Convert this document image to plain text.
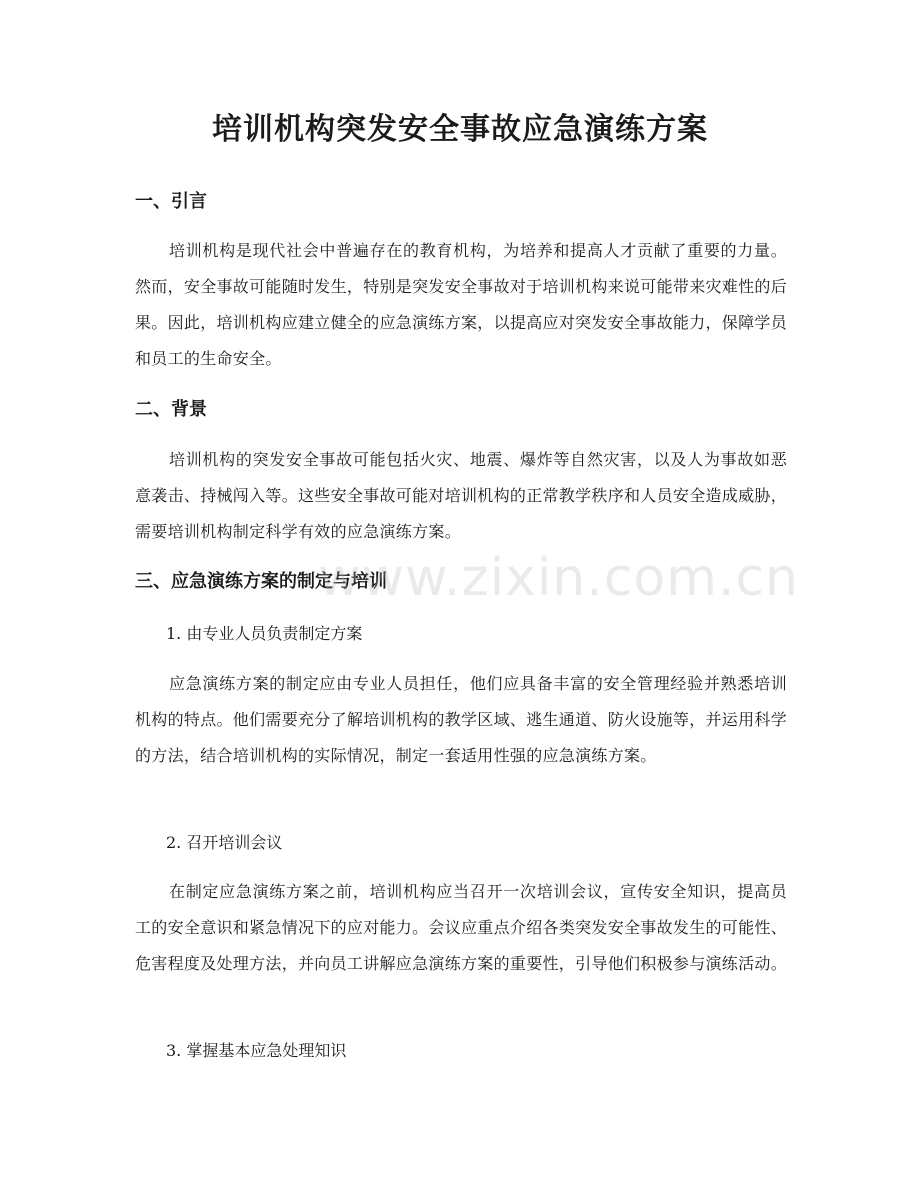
培训机构突发安全事故应急演练方案
一、引言

培训机构是现代社会中普遍存在的教育机构，为培养和提高人才贡献了重要的力量。然而，安全事故可能随时发生，特别是突发安全事故对于培训机构来说可能带来灾难性的后果。因此，培训机构应建立健全的应急演练方案，以提高应对突发安全事故能力，保障学员和员工的生命安全。

二、背景

培训机构的突发安全事故可能包括火灾、地震、爆炸等自然灾害，以及人为事故如恶意袭击、持械闯入等。这些安全事故可能对培训机构的正常教学秩序和人员安全造成威胁，需要培训机构制定科学有效的应急演练方案。

三、应急演练方案的制定与培训

1. 由专业人员负责制定方案

应急演练方案的制定应由专业人员担任，他们应具备丰富的安全管理经验并熟悉培训机构的特点。他们需要充分了解培训机构的教学区域、逃生通道、防火设施等，并运用科学的方法，结合培训机构的实际情况，制定一套适用性强的应急演练方案。

2. 召开培训会议

在制定应急演练方案之前，培训机构应当召开一次培训会议，宣传安全知识，提高员工的安全意识和紧急情况下的应对能力。会议应重点介绍各类突发安全事故发生的可能性、危害程度及处理方法，并向员工讲解应急演练方案的重要性，引导他们积极参与演练活动。

3. 掌握基本应急处理知识

www.zixin.com.cn
